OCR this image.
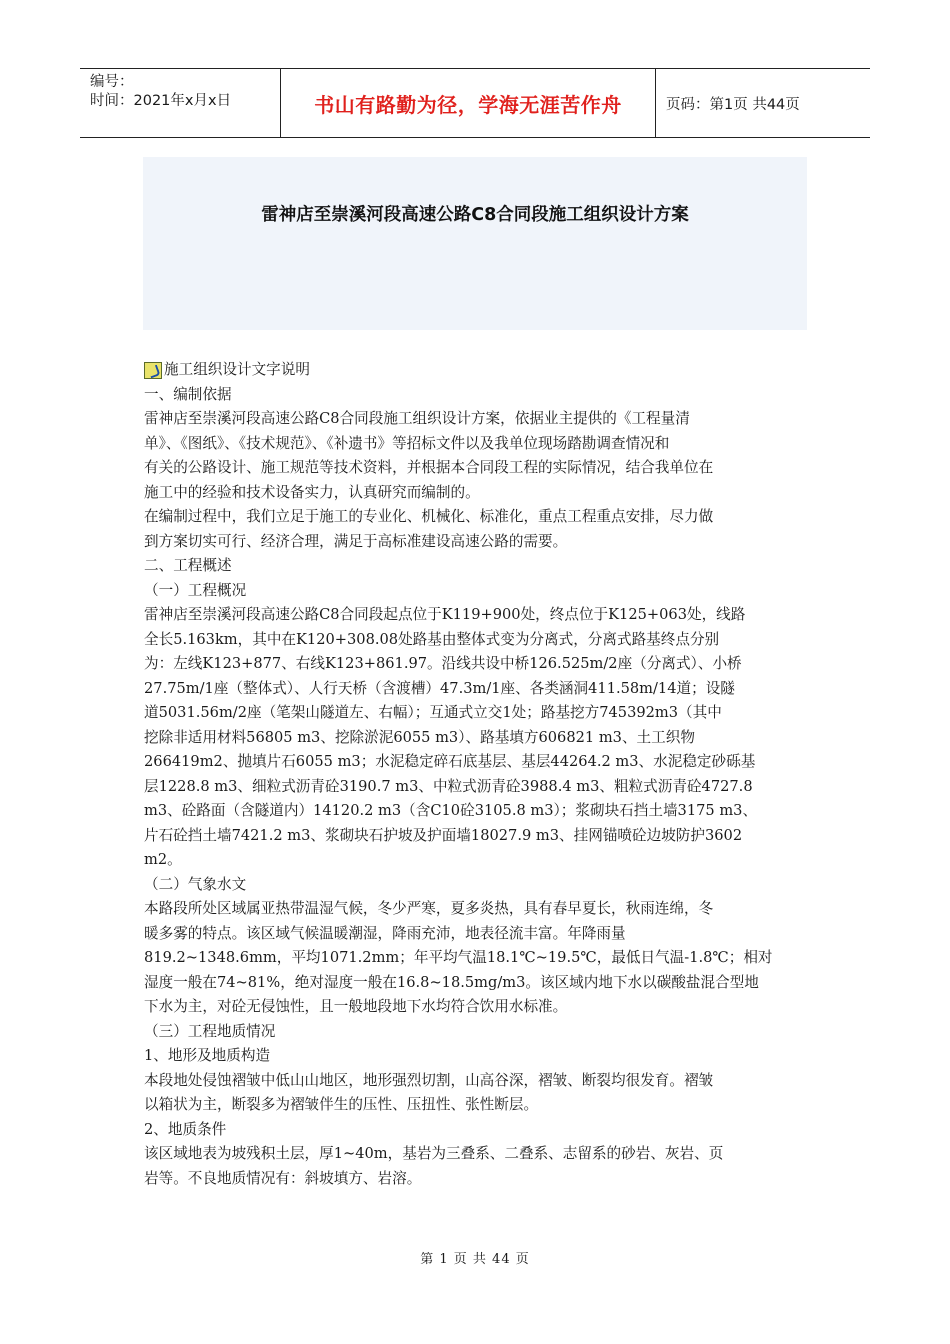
编号：
时间：2021年x月x日	书山有路勤为径，学海无涯苦作舟	页码：第1页 共44页
雷神店至崇溪河段高速公路C8合同段施工组织设计方案

施工组织设计文字说明

一、编制依据

雷神店至崇溪河段高速公路C8合同段施工组织设计方案，依据业主提供的《工程量清

单》、《图纸》、《技术规范》、《补遗书》等招标文件以及我单位现场踏勘调查情况和

有关的公路设计、施工规范等技术资料，并根据本合同段工程的实际情况，结合我单位在

施工中的经验和技术设备实力，认真研究而编制的。

在编制过程中，我们立足于施工的专业化、机械化、标准化，重点工程重点安排，尽力做

到方案切实可行、经济合理，满足于高标准建设高速公路的需要。

二、工程概述

（一）工程概况

雷神店至崇溪河段高速公路C8合同段起点位于K119+900处，终点位于K125+063处，线路

全长5.163km，其中在K120+308.08处路基由整体式变为分离式，分离式路基终点分别

为：左线K123+877、右线K123+861.97。沿线共设中桥126.525m/2座（分离式）、小桥

27.75m/1座（整体式）、人行天桥（含渡槽）47.3m/1座、各类涵洞411.58m/14道；设隧

道5031.56m/2座（笔架山隧道左、右幅）；互通式立交1处；路基挖方745392m3（其中

挖除非适用材料56805 m3、挖除淤泥6055 m3）、路基填方606821 m3、土工织物

266419m2、抛填片石6055 m3；水泥稳定碎石底基层、基层44264.2 m3、水泥稳定砂砾基

层1228.8 m3、细粒式沥青砼3190.7 m3、中粒式沥青砼3988.4 m3、粗粒式沥青砼4727.8

m3、砼路面（含隧道内）14120.2 m3（含C10砼3105.8 m3）；浆砌块石挡土墙3175 m3、

片石砼挡土墙7421.2 m3、浆砌块石护坡及护面墙18027.9 m3、挂网锚喷砼边坡防护3602

m2。

（二）气象水文

本路段所处区域属亚热带温湿气候，冬少严寒，夏多炎热，具有春早夏长，秋雨连绵，冬

暖多雾的特点。该区域气候温暖潮湿，降雨充沛，地表径流丰富。年降雨量

819.2~1348.6mm，平均1071.2mm；年平均气温18.1℃~19.5℃，最低日气温-1.8℃；相对

湿度一般在74~81%，绝对湿度一般在16.8~18.5mg/m3。该区域内地下水以碳酸盐混合型地

下水为主，对砼无侵蚀性，且一般地段地下水均符合饮用水标准。

（三）工程地质情况

1、地形及地质构造

本段地处侵蚀褶皱中低山山地区，地形强烈切割，山高谷深，褶皱、断裂均很发育。褶皱

以箱状为主，断裂多为褶皱伴生的压性、压扭性、张性断层。

2、地质条件

该区域地表为坡残积土层，厚1~40m，基岩为三叠系、二叠系、志留系的砂岩、灰岩、页

岩等。不良地质情况有：斜坡填方、岩溶。

第 1 页 共 44 页
